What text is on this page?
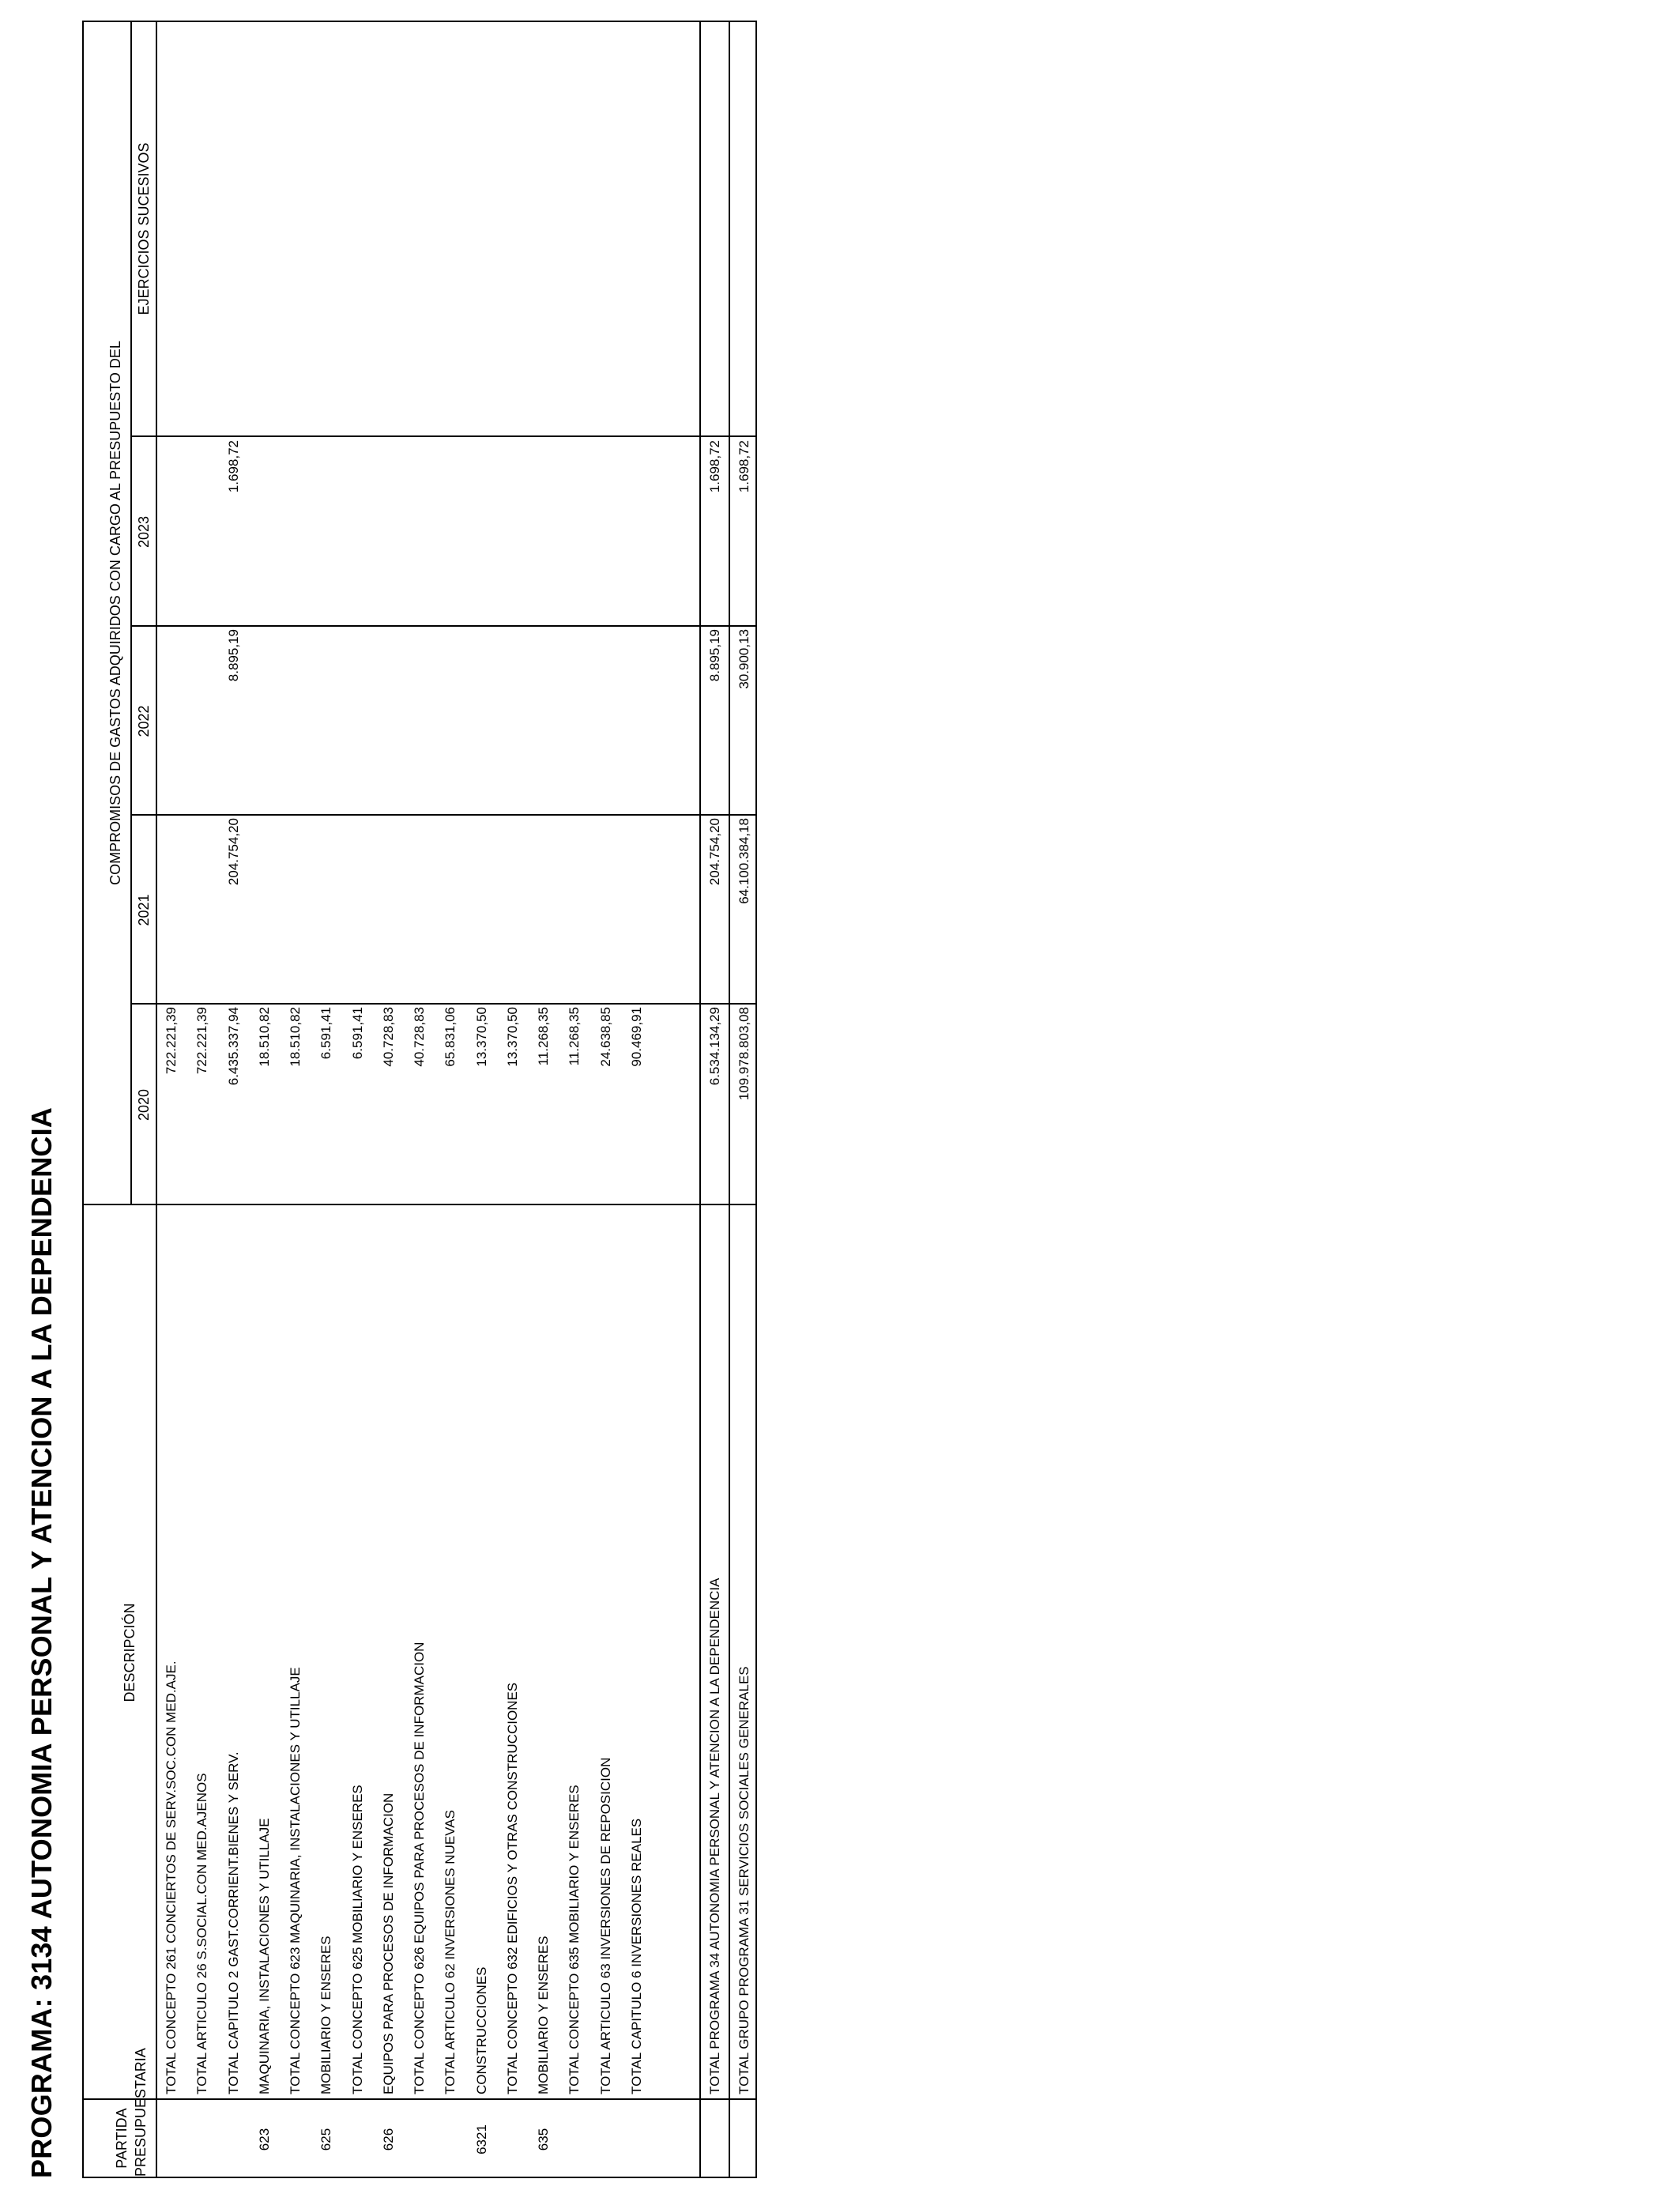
PROGRAMA: 3134 AUTONOMIA PERSONAL Y ATENCION A LA DEPENDENCIA	PARTIDA PRESUPUESTARIA
DESCRIPCIÓN
COMPROMISOS DE GASTOS ADQUIRIDOS CON CARGO AL PRESUPUESTO DEL
2020
2021
2022
2023
EJERCICIOS SUCESIVOS
TOTAL CONCEPTO 261 CONCIERTOS DE SERV.SOC.CON MED.AJE.
722.221,39
TOTAL ARTICULO 26 S.SOCIAL.CON MED.AJENOS
722.221,39
TOTAL CAPITULO 2 GAST.CORRIENT.BIENES Y SERV.
6.435.337,94
204.754,20
8.895,19
1.698,72
623
MAQUINARIA, INSTALACIONES Y UTILLAJE
18.510,82
TOTAL CONCEPTO 623 MAQUINARIA, INSTALACIONES Y UTILLAJE
18.510,82
625
MOBILIARIO Y ENSERES
6.591,41
TOTAL CONCEPTO 625 MOBILIARIO Y ENSERES
6.591,41
626
EQUIPOS PARA PROCESOS DE INFORMACION
40.728,83
TOTAL CONCEPTO 626 EQUIPOS PARA PROCESOS DE INFORMACION
40.728,83
TOTAL ARTICULO 62 INVERSIONES NUEVAS
65.831,06
6321
CONSTRUCCIONES
13.370,50
TOTAL CONCEPTO 632 EDIFICIOS Y OTRAS CONSTRUCCIONES
13.370,50
635
MOBILIARIO Y ENSERES
11.268,35
TOTAL CONCEPTO 635 MOBILIARIO Y ENSERES
11.268,35
TOTAL ARTICULO 63 INVERSIONES DE REPOSICION
24.638,85
TOTAL CAPITULO 6 INVERSIONES REALES
90.469,91
TOTAL PROGRAMA 34 AUTONOMIA PERSONAL Y ATENCION A LA DEPENDENCIA
6.534.134,29
204.754,20
8.895,19
1.698,72
TOTAL GRUPO PROGRAMA 31 SERVICIOS SOCIALES GENERALES
109.978.803,08
64.100.384,18
30.900,13
1.698,72
